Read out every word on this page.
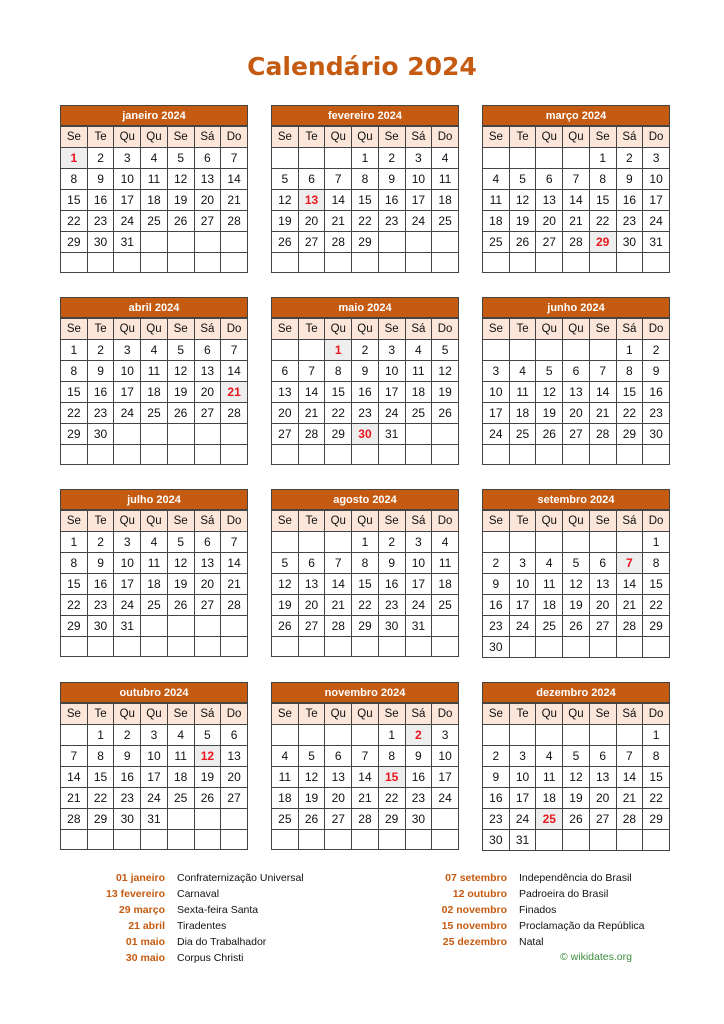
Calendário 2024
janeiro 2024
Se	Te	Qu	Qu	Se	Sá	Do
1	2	3	4	5	6	7
8	9	10	11	12	13	14
15	16	17	18	19	20	21
22	23	24	25	26	27	28
29	30	31				

fevereiro 2024
Se	Te	Qu	Qu	Se	Sá	Do
			1	2	3	4
5	6	7	8	9	10	11
12	13	14	15	16	17	18
19	20	21	22	23	24	25
26	27	28	29			

março 2024
Se	Te	Qu	Qu	Se	Sá	Do
				1	2	3
4	5	6	7	8	9	10
11	12	13	14	15	16	17
18	19	20	21	22	23	24
25	26	27	28	29	30	31

abril 2024
Se	Te	Qu	Qu	Se	Sá	Do
1	2	3	4	5	6	7
8	9	10	11	12	13	14
15	16	17	18	19	20	21
22	23	24	25	26	27	28
29	30					

maio 2024
Se	Te	Qu	Qu	Se	Sá	Do
		1	2	3	4	5
6	7	8	9	10	11	12
13	14	15	16	17	18	19
20	21	22	23	24	25	26
27	28	29	30	31		

junho 2024
Se	Te	Qu	Qu	Se	Sá	Do
					1	2
3	4	5	6	7	8	9
10	11	12	13	14	15	16
17	18	19	20	21	22	23
24	25	26	27	28	29	30

julho 2024
Se	Te	Qu	Qu	Se	Sá	Do
1	2	3	4	5	6	7
8	9	10	11	12	13	14
15	16	17	18	19	20	21
22	23	24	25	26	27	28
29	30	31				

agosto 2024
Se	Te	Qu	Qu	Se	Sá	Do
			1	2	3	4
5	6	7	8	9	10	11
12	13	14	15	16	17	18
19	20	21	22	23	24	25
26	27	28	29	30	31	

setembro 2024
Se	Te	Qu	Qu	Se	Sá	Do
						1
2	3	4	5	6	7	8
9	10	11	12	13	14	15
16	17	18	19	20	21	22
23	24	25	26	27	28	29
30						
outubro 2024
Se	Te	Qu	Qu	Se	Sá	Do
	1	2	3	4	5	6
7	8	9	10	11	12	13
14	15	16	17	18	19	20
21	22	23	24	25	26	27
28	29	30	31			

novembro 2024
Se	Te	Qu	Qu	Se	Sá	Do
				1	2	3
4	5	6	7	8	9	10
11	12	13	14	15	16	17
18	19	20	21	22	23	24
25	26	27	28	29	30	

dezembro 2024
Se	Te	Qu	Qu	Se	Sá	Do
						1
2	3	4	5	6	7	8
9	10	11	12	13	14	15
16	17	18	19	20	21	22
23	24	25	26	27	28	29
30	31					
01 janeiro	Confraternização Universal
13 fevereiro	Carnaval
29 março	Sexta-feira Santa
21 abril	Tiradentes
01 maio	Dia do Trabalhador
30 maio	Corpus Christi
07 setembro	Independência do Brasil
12 outubro	Padroeira do Brasil
02 novembro	Finados
15 novembro	Proclamação da República
25 dezembro	Natal
© wikidates.org
